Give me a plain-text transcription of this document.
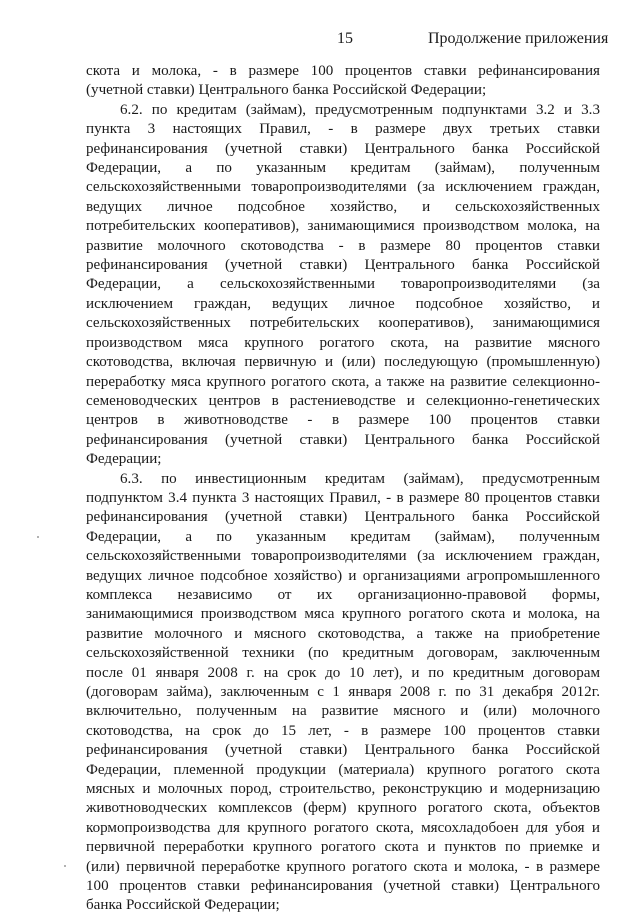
15	Продолжение приложения
скота и молока, - в размере 100 процентов ставки рефинансирования
(учетной ставки) Центрального банка Российской Федерации;
6.2. по кредитам (займам), предусмотренным подпунктами 3.2 и 3.3
пункта 3 настоящих Правил, - в размере двух третьих ставки
рефинансирования (учетной ставки) Центрального банка Российской
Федерации, а по указанным кредитам (займам), полученным
сельскохозяйственными товаропроизводителями (за исключением граждан,
ведущих личное подсобное хозяйство, и сельскохозяйственных
потребительских кооперативов), занимающимися производством молока, на
развитие молочного скотоводства - в размере 80 процентов ставки
рефинансирования (учетной ставки) Центрального банка Российской
Федерации, а сельскохозяйственными товаропроизводителями (за
исключением граждан, ведущих личное подсобное хозяйство, и
сельскохозяйственных потребительских кооперативов), занимающимися
производством мяса крупного рогатого скота, на развитие мясного
скотоводства, включая первичную и (или) последующую (промышленную)
переработку мяса крупного рогатого скота, а также на развитие селекционно-
семеноводческих центров в растениеводстве и селекционно-генетических
центров в животноводстве - в размере 100 процентов ставки
рефинансирования (учетной ставки) Центрального банка Российской
Федерации;
6.3. по инвестиционным кредитам (займам), предусмотренным
подпунктом 3.4 пункта 3 настоящих Правил, - в размере 80 процентов ставки
рефинансирования (учетной ставки) Центрального банка Российской
Федерации, а по указанным кредитам (займам), полученным
сельскохозяйственными товаропроизводителями (за исключением граждан,
ведущих личное подсобное хозяйство) и организациями агропромышленного
комплекса независимо от их организационно-правовой формы,
занимающимися производством мяса крупного рогатого скота и молока, на
развитие молочного и мясного скотоводства, а также на приобретение
сельскохозяйственной техники (по кредитным договорам, заключенным
после 01 января 2008 г. на срок до 10 лет), и по кредитным договорам
(договорам займа), заключенным с 1 января 2008 г. по 31 декабря 2012г.
включительно, полученным на развитие мясного и (или) молочного
скотоводства, на срок до 15 лет, - в размере 100 процентов ставки
рефинансирования (учетной ставки) Центрального банка Российской
Федерации, племенной продукции (материала) крупного рогатого скота
мясных и молочных пород, строительство, реконструкцию и модернизацию
животноводческих комплексов (ферм) крупного рогатого скота, объектов
кормопроизводства для крупного рогатого скота, мясохладобоен для убоя и
первичной переработки крупного рогатого скота и пунктов по приемке и
(или) первичной переработке крупного рогатого скота и молока, - в размере
100 процентов ставки рефинансирования (учетной ставки) Центрального
банка Российской Федерации;
